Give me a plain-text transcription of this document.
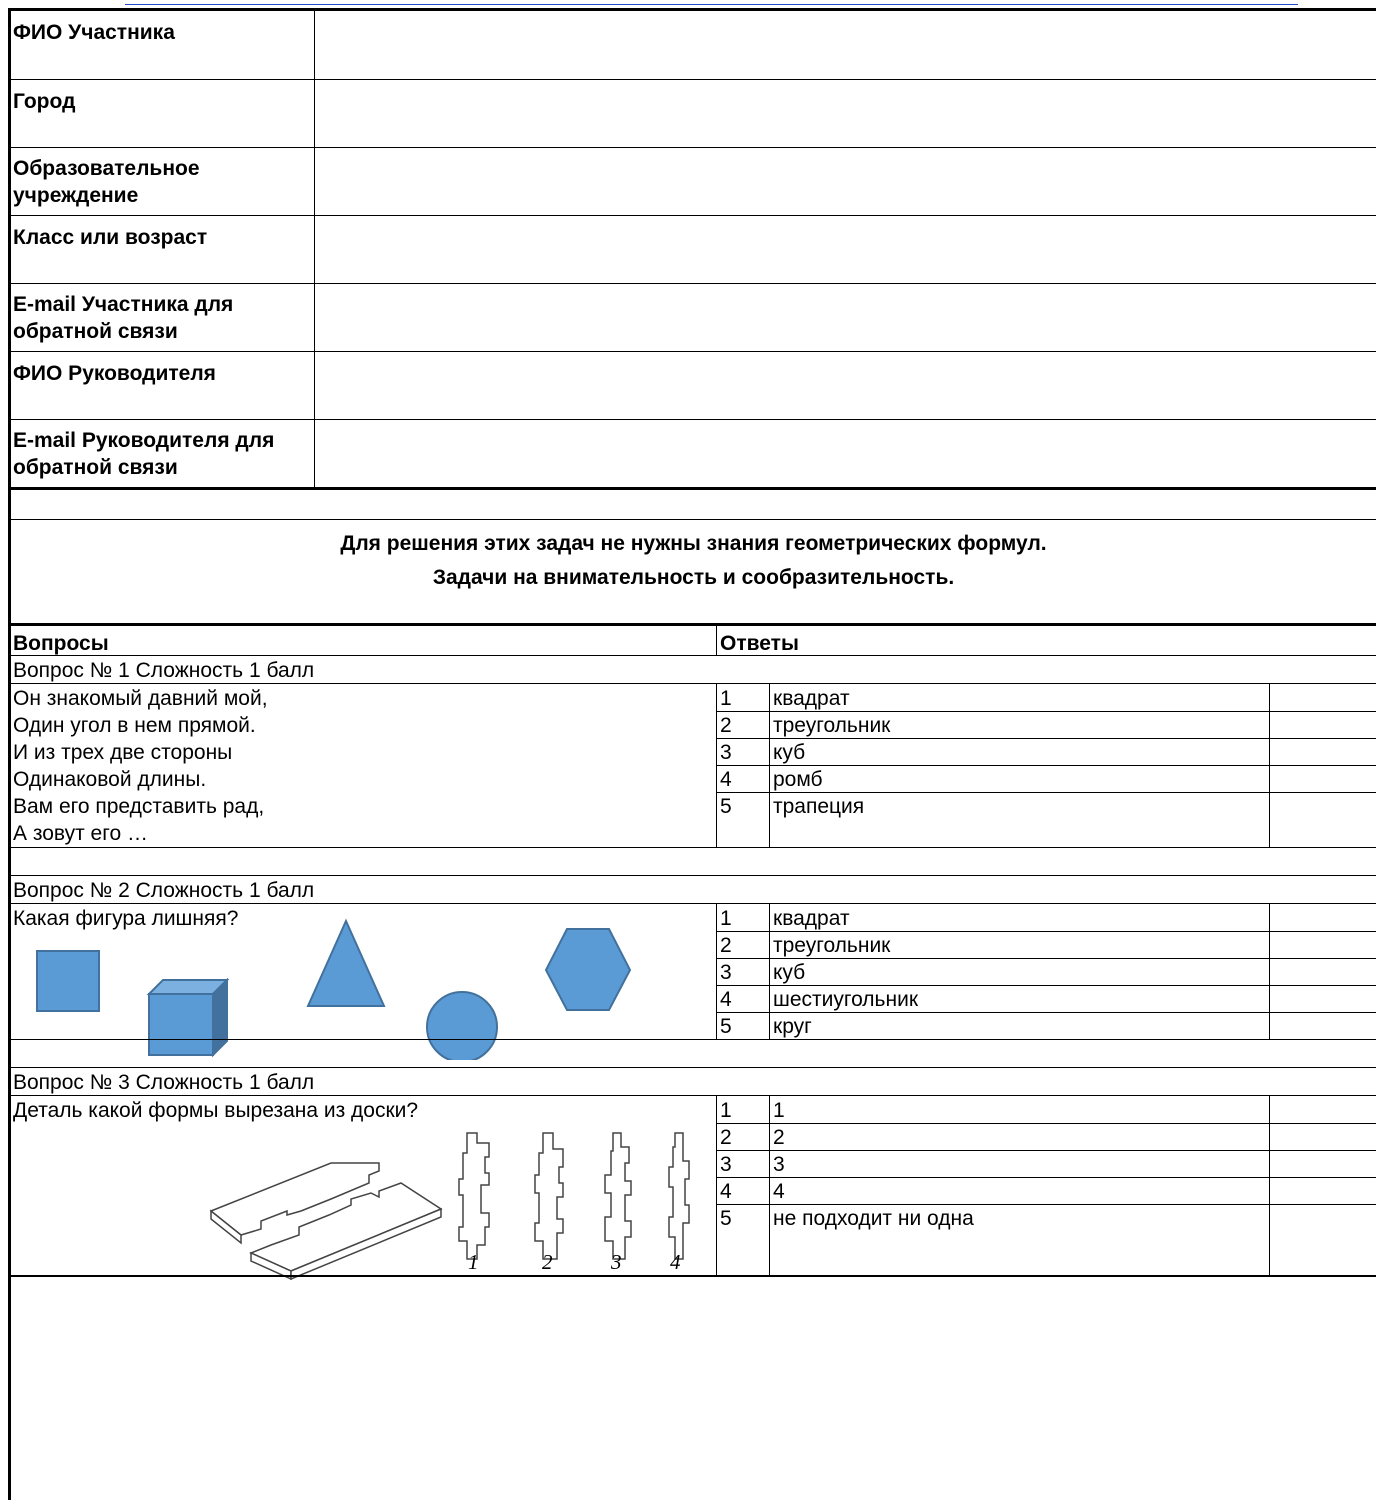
ФИО Участника
Город
Образовательное учреждение
Класс или возраст
E-mail Участника для обратной связи
ФИО Руководителя
E-mail Руководителя для обратной связи
Для решения этих задач не нужны знания геометрических формул.
Задачи на внимательность и сообразительность.
Вопросы	Ответы
Вопрос № 1 Сложность 1 балл
Он знакомый давний мой,
Один угол в нем прямой.
И из трех две стороны
Одинаковой длины.
Вам его представить рад,
А зовут его …
1 квадрат
2 треугольник
3 куб
4 ромб
5 трапеция
Вопрос № 2 Сложность 1 балл
Какая фигура лишняя?	1 квадрат
2 треугольник
3 куб
4 шестиугольник
5 круг
Вопрос № 3 Сложность 1 балл
Деталь какой формы вырезана из доски?
1	2	3 4
1 1
2 2
3 3
4 4
5 не подходит ни одна
